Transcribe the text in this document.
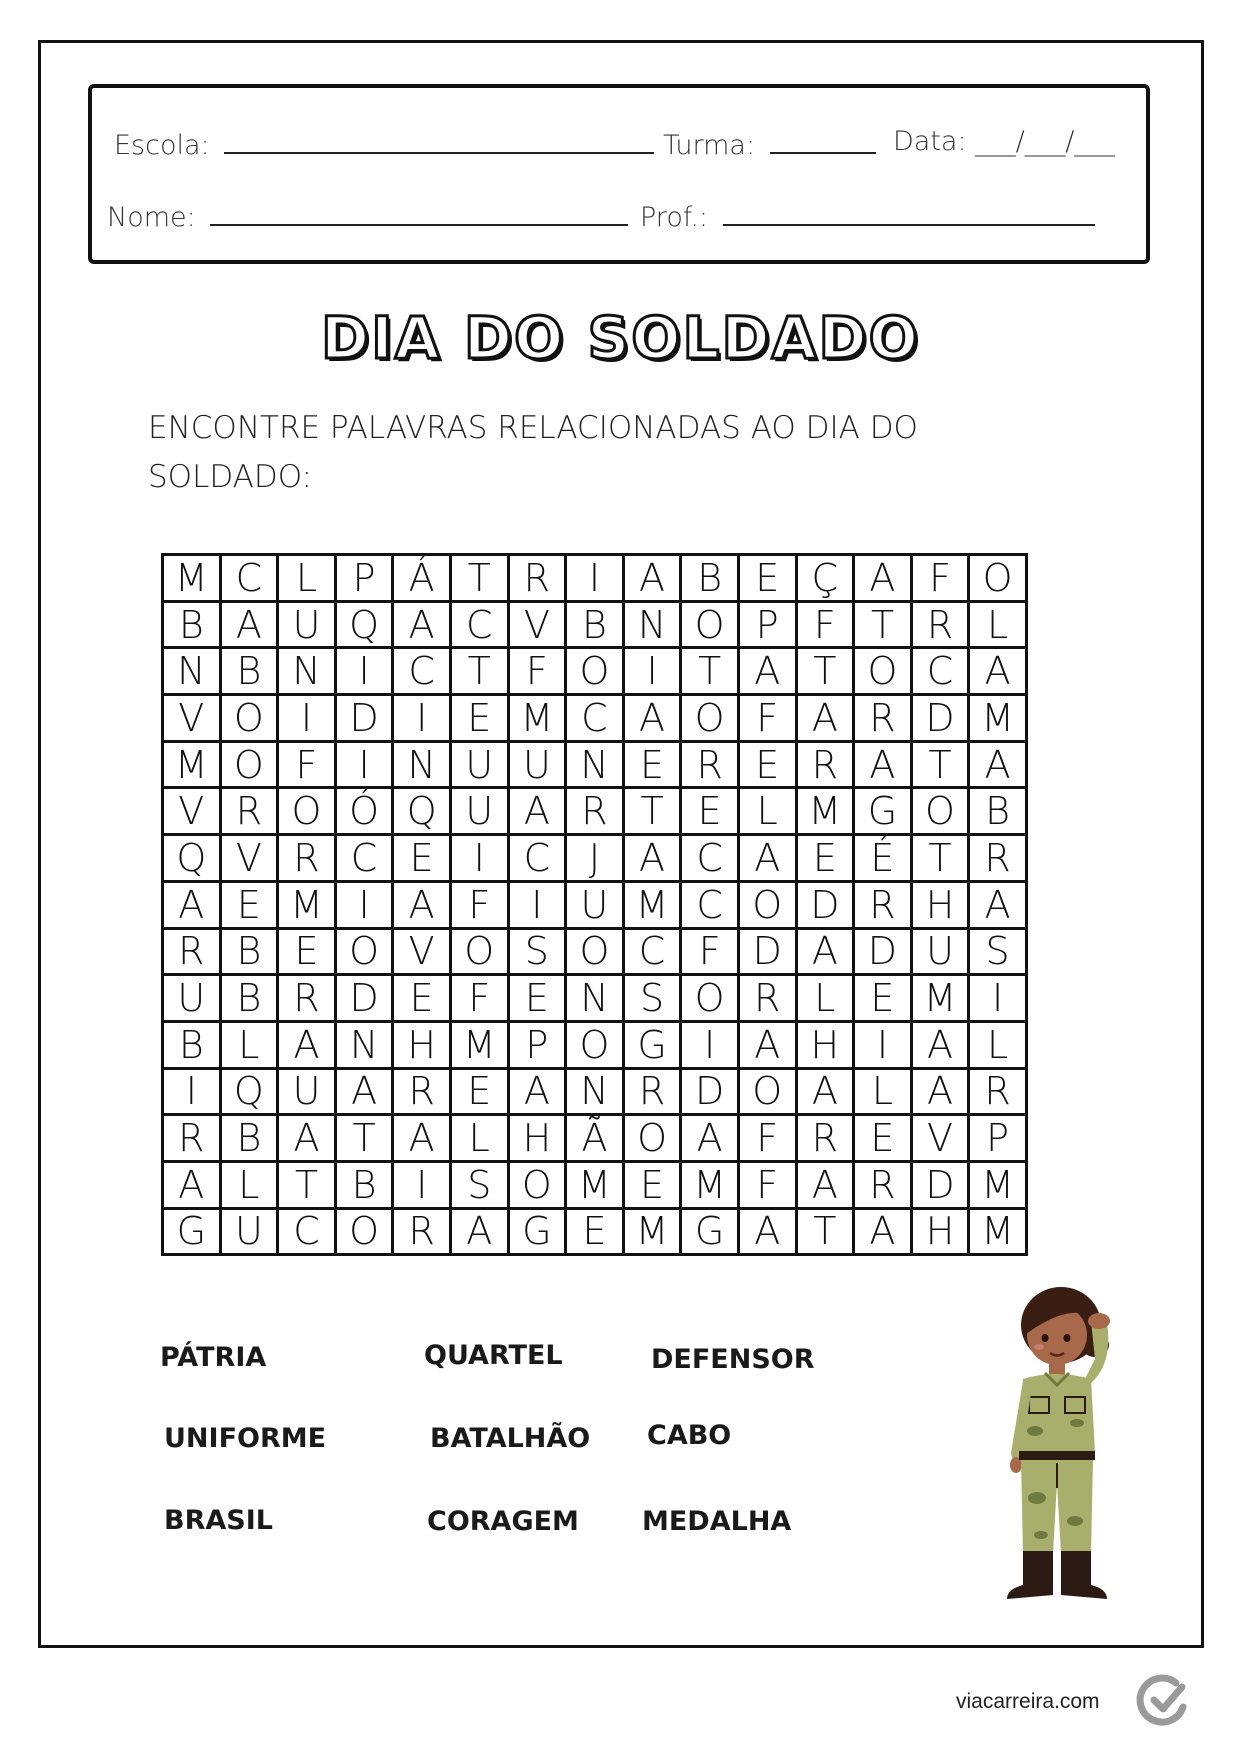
Escola:	Turma:	Data: ___/___/___
Nome:	Prof.:
DIA DO SOLDADO
ENCONTRE PALAVRAS RELACIONADAS AO DIA DO SOLDADO:
M	C	L	P	Á	T	R	I	A	B	E	Ç	A	F	O
B	A	U	Q	A	C	V	B	N	O	P	F	T	R	L
N	B	N	I	C	T	F	O	I	T	A	T	O	C	A
V	O	I	D	I	E	M	C	A	O	F	A	R	D	M
M	O	F	I	N	U	U	N	E	R	E	R	A	T	A
V	R	O	Ó	Q	U	A	R	T	E	L	M	G	O	B
Q	V	R	C	E	I	C	J	A	C	A	E	É	T	R
A	E	M	I	A	F	I	U	M	C	O	D	R	H	A
R	B	E	O	V	O	S	O	C	F	D	A	D	U	S
U	B	R	D	E	F	E	N	S	O	R	L	E	M	I
B	L	A	N	H	M	P	O	G	I	A	H	I	A	L
I	Q	U	A	R	E	A	N	R	D	O	A	L	A	R
R	B	A	T	A	L	H	Ã	O	A	F	R	E	V	P
A	L	T	B	I	S	O	M	E	M	F	A	R	D	M
G	U	C	O	R	A	G	E	M	G	A	T	A	H	M
PÁTRIA	QUARTEL	DEFENSOR
UNIFORME	BATALHÃO CABO
BRASIL	CORAGEM MEDALHA
viacarreira.com
